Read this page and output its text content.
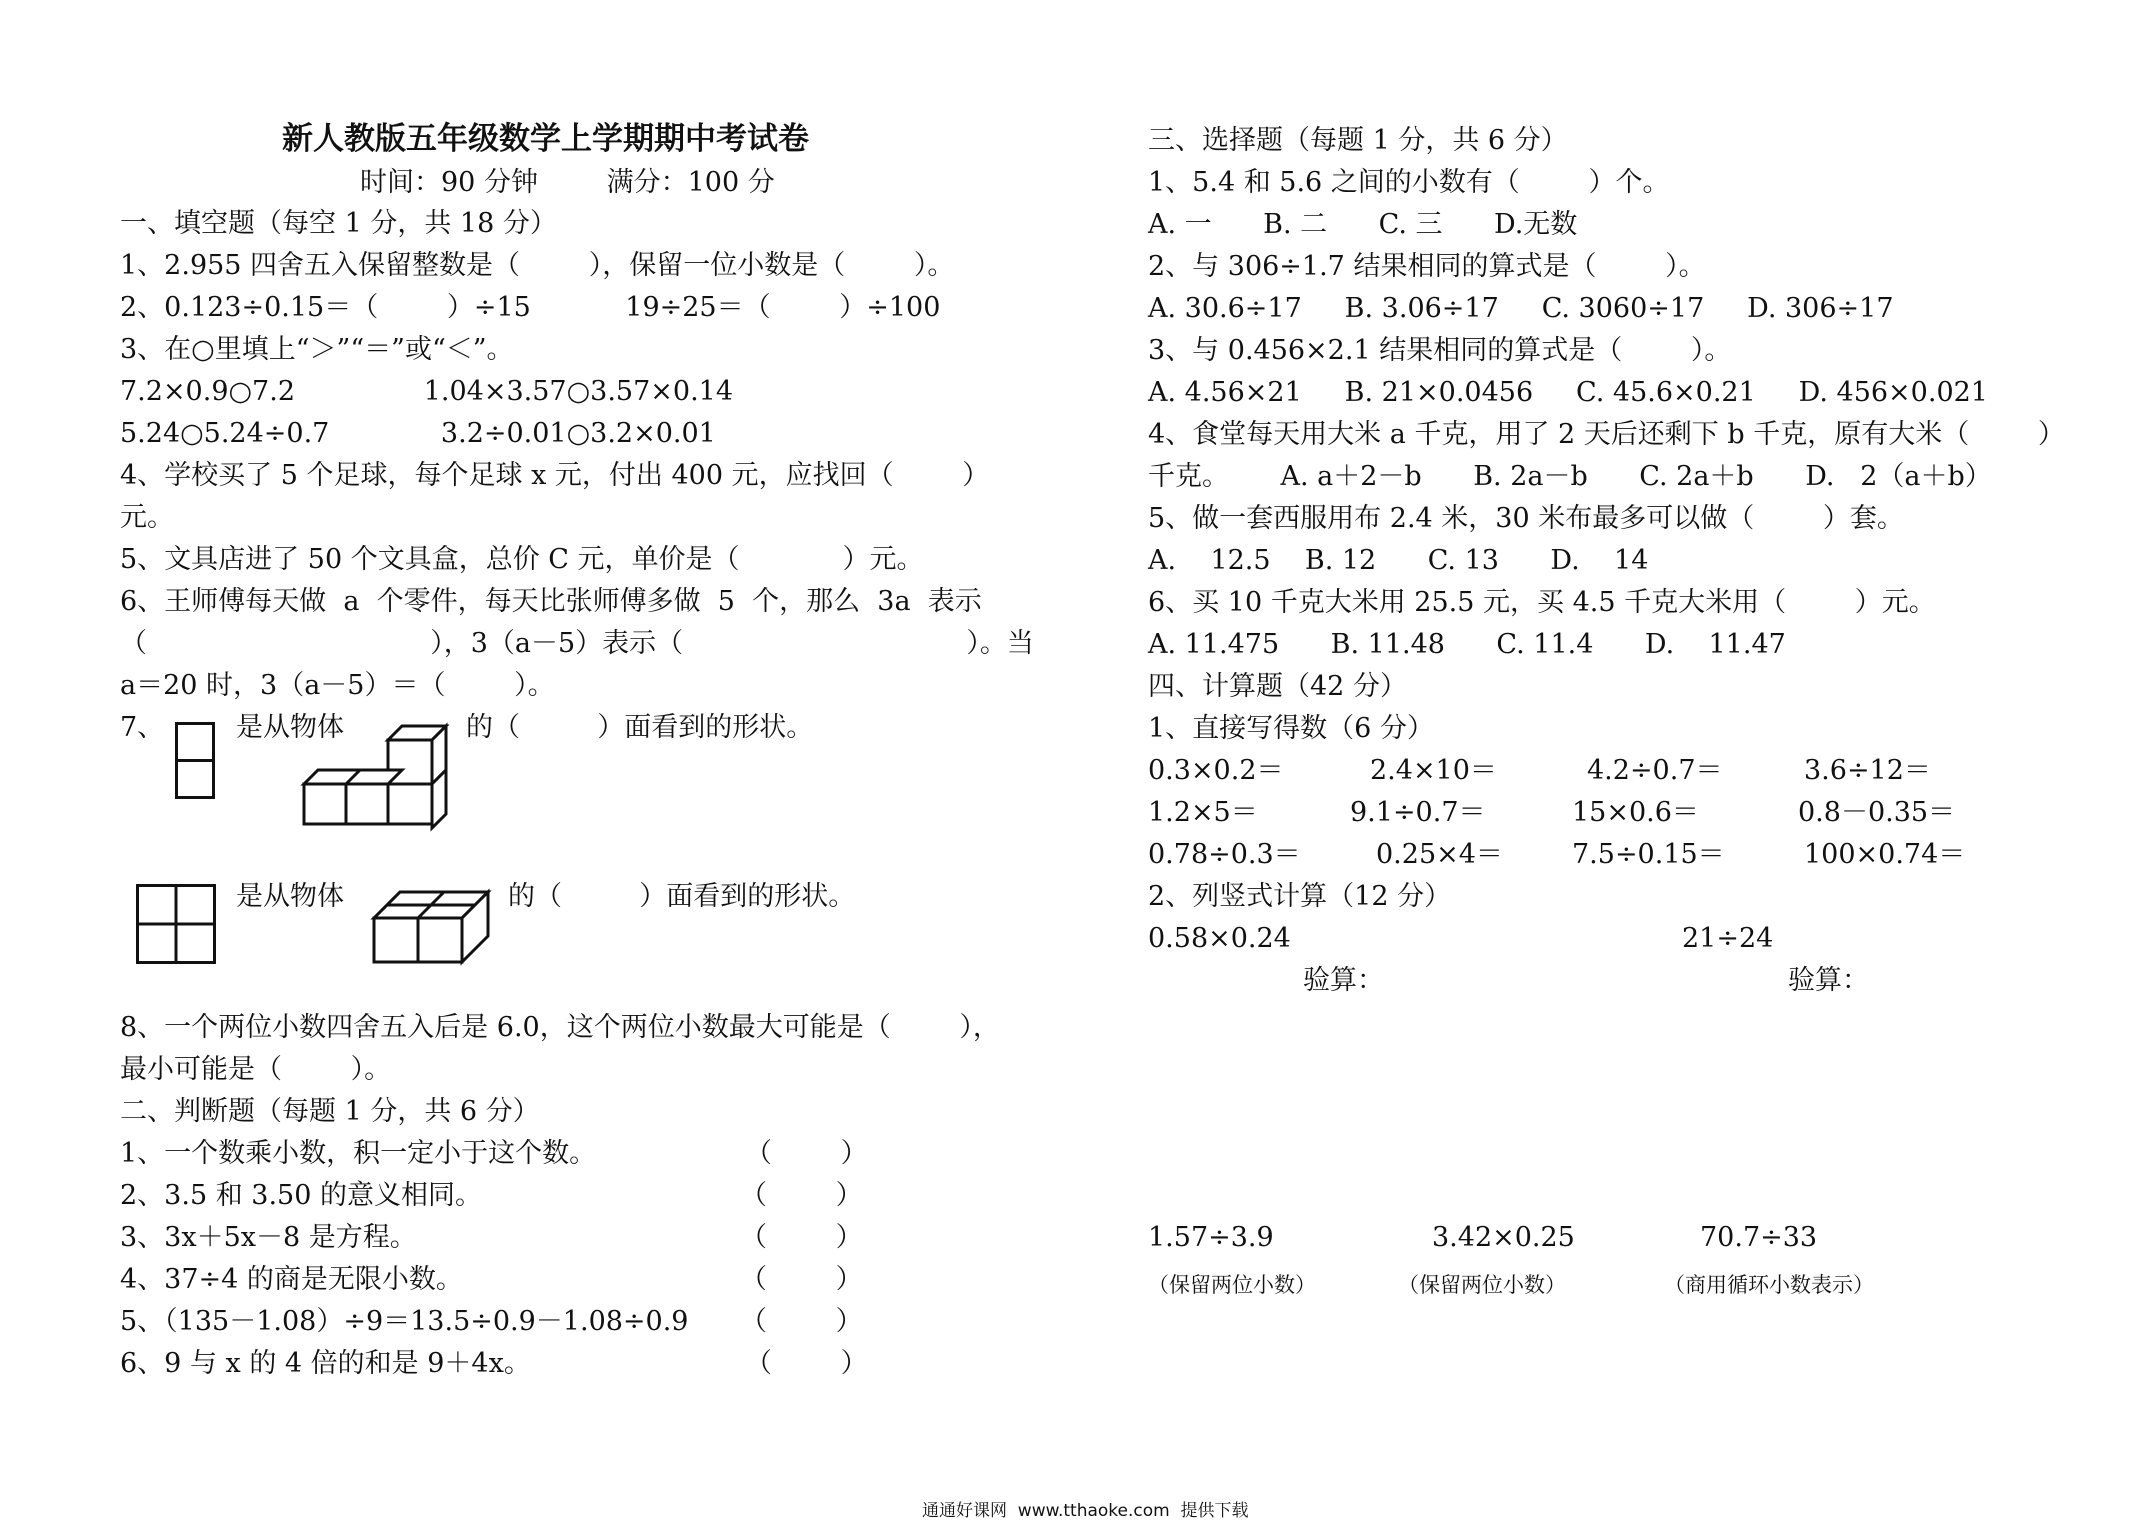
新人教版五年级数学上学期期中考试卷
时间：90 分钟        满分：100 分
一、填空题（每空 1 分，共 18 分）
1、2.955 四舍五入保留整数是（        ），保留一位小数是（        ）。
2、0.123÷0.15＝（        ）÷15           19÷25＝（        ）÷100
3、在○里填上“＞”“＝”或“＜”。
7.2×0.9○7.2               1.04×3.57○3.57×0.14
5.24○5.24÷0.7             3.2÷0.01○3.2×0.01
4、学校买了 5 个足球，每个足球 x 元，付出 400 元，应找回（        ）
元。
5、文具店进了 50 个文具盒，总价 C 元，单价是（            ）元。
6、王师傅每天做  a  个零件，每天比张师傅多做  5  个，那么  3a  表示
（                                 ），3（a－5）表示（                                 ）。当
a＝20 时，3（a－5）＝（        ）。
7、	是从物体	的（         ）面看到的形状。
是从物体	的（         ）面看到的形状。
8、一个两位小数四舍五入后是 6.0，这个两位小数最大可能是（        ），
最小可能是（        ）。
二、判断题（每题 1 分，共 6 分）
1、一个数乘小数，积一定小于这个数。	（        ）
2、3.5 和 3.50 的意义相同。	（        ）
3、3x＋5x－8 是方程。	（        ）
4、37÷4 的商是无限小数。	（        ）
5、（135－1.08）÷9＝13.5÷0.9－1.08÷0.9 （        ）
6、9 与 x 的 4 倍的和是 9＋4x。	（        ）
三、选择题（每题 1 分，共 6 分）
1、5.4 和 5.6 之间的小数有（        ）个。
A. 一      B. 二      C. 三      D.无数
2、与 306÷1.7 结果相同的算式是（        ）。
A. 30.6÷17     B. 3.06÷17     C. 3060÷17     D. 306÷17
3、与 0.456×2.1 结果相同的算式是（        ）。
A. 4.56×21     B. 21×0.0456     C. 45.6×0.21     D. 456×0.021
4、食堂每天用大米 a 千克，用了 2 天后还剩下 b 千克，原有大米（        ）
千克。      A. a＋2－b      B. 2a－b      C. 2a＋b      D.   2（a＋b）
5、做一套西服用布 2.4 米，30 米布最多可以做（        ）套。
A.    12.5    B. 12      C. 13      D.    14
6、买 10 千克大米用 25.5 元，买 4.5 千克大米用（        ）元。
A. 11.475      B. 11.48      C. 11.4      D.    11.47
四、计算题（42 分）
1、直接写得数（6 分）
0.3×0.2＝	2.4×10＝	4.2÷0.7＝	3.6÷12＝
1.2×5＝	9.1÷0.7＝	15×0.6＝	0.8－0.35＝
0.78÷0.3＝	0.25×4＝	7.5÷0.15＝	100×0.74＝
2、列竖式计算（12 分）
0.58×0.24	21÷24
验算：	验算：
1.57÷3.9	3.42×0.25	70.7÷33
（保留两位小数）	（保留两位小数）	（商用循环小数表示）
通通好课网  www.tthaoke.com  提供下载
